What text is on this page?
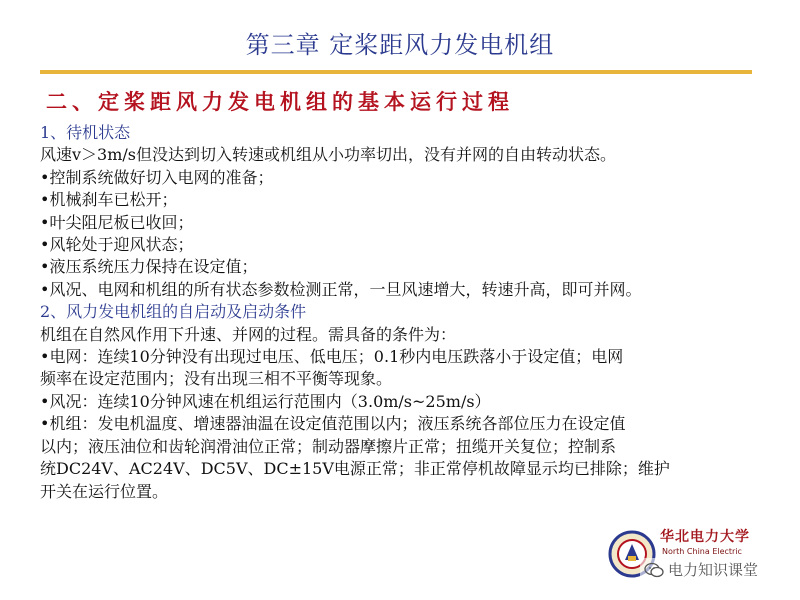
第三章 定桨距风力发电机组
二、定桨距风力发电机组的基本运行过程
1、待机状态
风速v＞3m/s但没达到切入转速或机组从小功率切出，没有并网的自由转动状态。
•控制系统做好切入电网的准备；
•机械刹车已松开；
•叶尖阻尼板已收回；
•风轮处于迎风状态；
•液压系统压力保持在设定值；
•风况、电网和机组的所有状态参数检测正常，一旦风速增大，转速升高，即可并网。
2、风力发电机组的自启动及启动条件
机组在自然风作用下升速、并网的过程。需具备的条件为：
•电网：连续10分钟没有出现过电压、低电压；0.1秒内电压跌落小于设定值；电网
频率在设定范围内；没有出现三相不平衡等现象。
•风况：连续10分钟风速在机组运行范围内（3.0m/s~25m/s）
•机组：发电机温度、增速器油温在设定值范围以内；液压系统各部位压力在设定值
以内；液压油位和齿轮润滑油位正常；制动器摩擦片正常；扭缆开关复位；控制系
统DC24V、AC24V、DC5V、DC±15V电源正常；非正常停机故障显示均已排除；维护
开关在运行位置。
华北电力大学
North China Electric
电力知识课堂
